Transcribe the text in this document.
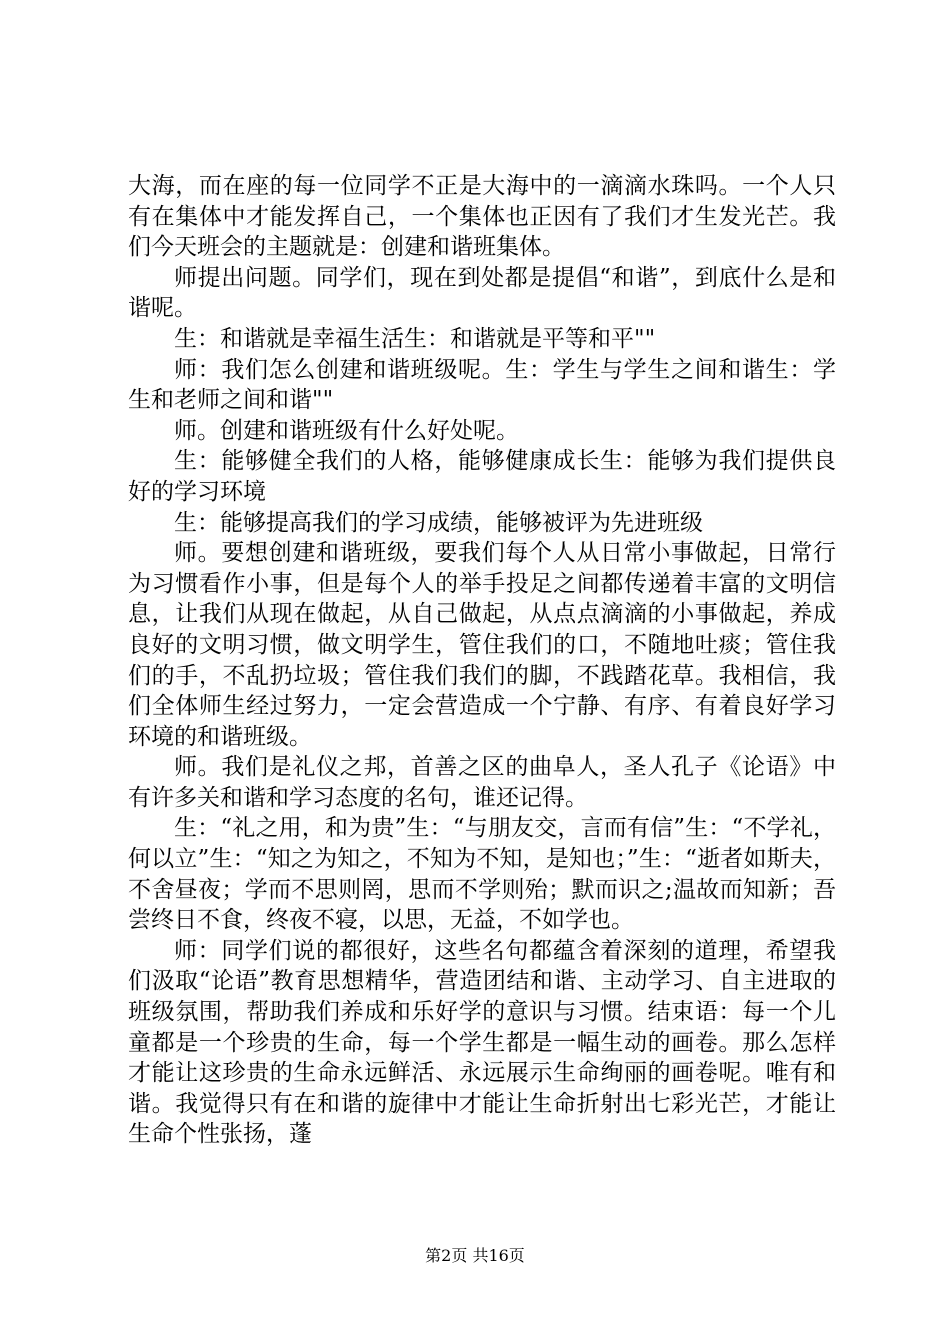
大海，而在座的每一位同学不正是大海中的一滴滴水珠吗。一个人只有在集体中才能发挥自己，一个集体也正因有了我们才生发光芒。我们今天班会的主题就是：创建和谐班集体。

师提出问题。同学们，现在到处都是提倡“和谐”，到底什么是和谐呢。

生：和谐就是幸福生活生：和谐就是平等和平""

师：我们怎么创建和谐班级呢。生：学生与学生之间和谐生：学生和老师之间和谐""

师。创建和谐班级有什么好处呢。

生：能够健全我们的人格，能够健康成长生：能够为我们提供良好的学习环境

生：能够提高我们的学习成绩，能够被评为先进班级

师。要想创建和谐班级，要我们每个人从日常小事做起，日常行为习惯看作小事，但是每个人的举手投足之间都传递着丰富的文明信息，让我们从现在做起，从自己做起，从点点滴滴的小事做起，养成良好的文明习惯，做文明学生，管住我们的口，不随地吐痰；管住我们的手，不乱扔垃圾；管住我们我们的脚，不践踏花草。我相信，我们全体师生经过努力，一定会营造成一个宁静、有序、有着良好学习环境的和谐班级。

师。我们是礼仪之邦，首善之区的曲阜人，圣人孔子《论语》中有许多关和谐和学习态度的名句，谁还记得。

生：“礼之用，和为贵”生：“与朋友交，言而有信”生：“不学礼，何以立”生：“知之为知之，不知为不知，是知也；”生：“逝者如斯夫，不舍昼夜；学而不思则罔，思而不学则殆；默而识之;温故而知新；吾尝终日不食，终夜不寝，以思，无益，不如学也。

师：同学们说的都很好，这些名句都蕴含着深刻的道理，希望我们汲取“论语”教育思想精华，营造团结和谐、主动学习、自主进取的班级氛围，帮助我们养成和乐好学的意识与习惯。结束语：每一个儿童都是一个珍贵的生命，每一个学生都是一幅生动的画卷。那么怎样才能让这珍贵的生命永远鲜活、永远展示生命绚丽的画卷呢。唯有和谐。我觉得只有在和谐的旋律中才能让生命折射出七彩光芒，才能让生命个性张扬，蓬

第2页 共16页
